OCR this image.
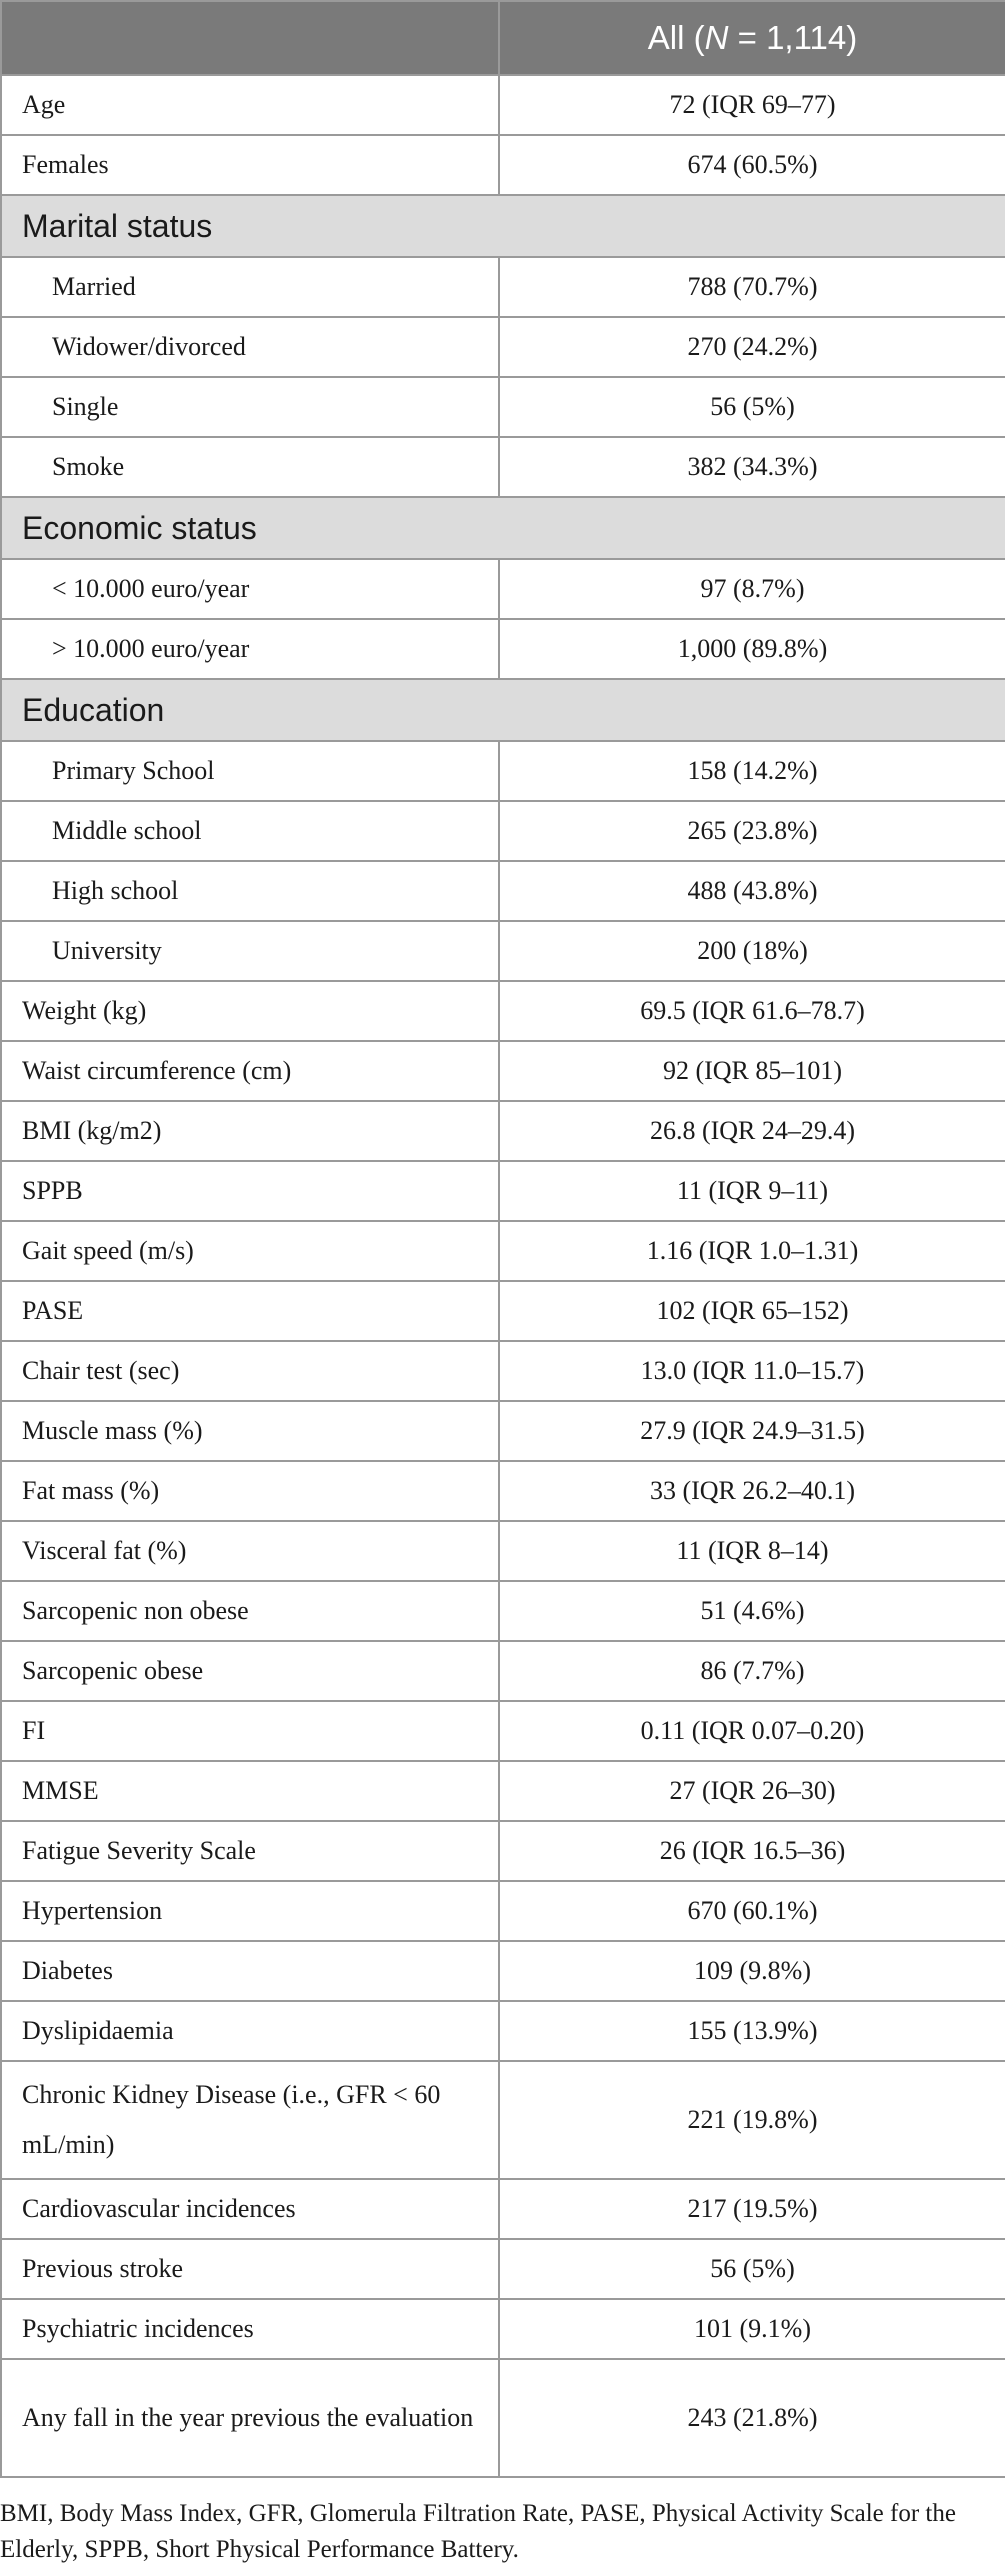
	All (N = 1,114)
Age	72 (IQR 69–77)
Females	674 (60.5%)
Marital status	
Married	788 (70.7%)
Widower/divorced	270 (24.2%)
Single	56 (5%)
Smoke	382 (34.3%)
Economic status	
< 10.000 euro/year	97 (8.7%)
> 10.000 euro/year	1,000 (89.8%)
Education	
Primary School	158 (14.2%)
Middle school	265 (23.8%)
High school	488 (43.8%)
University	200 (18%)
Weight (kg)	69.5 (IQR 61.6–78.7)
Waist circumference (cm)	92 (IQR 85–101)
BMI (kg/m2)	26.8 (IQR 24–29.4)
SPPB	11 (IQR 9–11)
Gait speed (m/s)	1.16 (IQR 1.0–1.31)
PASE	102 (IQR 65–152)
Chair test (sec)	13.0 (IQR 11.0–15.7)
Muscle mass (%)	27.9 (IQR 24.9–31.5)
Fat mass (%)	33 (IQR 26.2–40.1)
Visceral fat (%)	11 (IQR 8–14)
Sarcopenic non obese	51 (4.6%)
Sarcopenic obese	86 (7.7%)
FI	0.11 (IQR 0.07–0.20)
MMSE	27 (IQR 26–30)
Fatigue Severity Scale	26 (IQR 16.5–36)
Hypertension	670 (60.1%)
Diabetes	109 (9.8%)
Dyslipidaemia	155 (13.9%)
Chronic Kidney Disease (i.e., GFR < 60 mL/min)	221 (19.8%)
Cardiovascular incidences	217 (19.5%)
Previous stroke	56 (5%)
Psychiatric incidences	101 (9.1%)
Any fall in the year previous the evaluation	243 (21.8%)
BMI, Body Mass Index, GFR, Glomerula Filtration Rate, PASE, Physical Activity Scale for the Elderly, SPPB, Short Physical Performance Battery.
